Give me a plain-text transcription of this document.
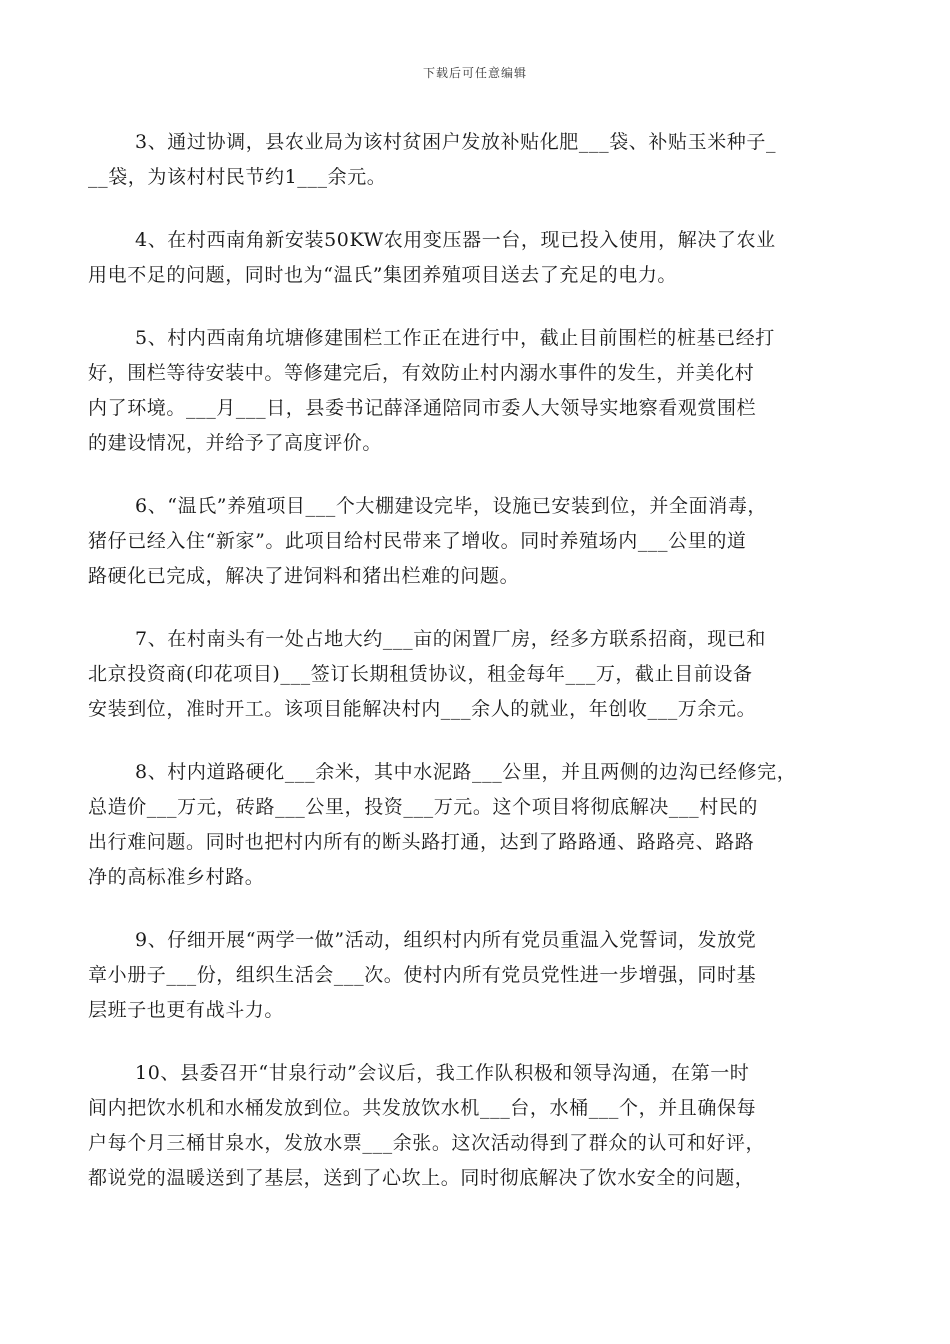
下载后可任意编辑
3、通过协调，县农业局为该村贫困户发放补贴化肥___袋、补贴玉米种子_
__袋，为该村村民节约1___余元。
4、在村西南角新安装50KW农用变压器一台，现已投入使用，解决了农业
用电不足的问题，同时也为“温氏”集团养殖项目送去了充足的电力。
5、村内西南角坑塘修建围栏工作正在进行中，截止目前围栏的桩基已经打
好，围栏等待安装中。等修建完后，有效防止村内溺水事件的发生，并美化村
内了环境。___月___日，县委书记薛泽通陪同市委人大领导实地察看观赏围栏
的建设情况，并给予了高度评价。
6、“温氏”养殖项目___个大棚建设完毕，设施已安装到位，并全面消毒，
猪仔已经入住“新家”。此项目给村民带来了增收。同时养殖场内___公里的道
路硬化已完成，解决了进饲料和猪出栏难的问题。
7、在村南头有一处占地大约___亩的闲置厂房，经多方联系招商，现已和
北京投资商(印花项目)___签订长期租赁协议，租金每年___万，截止目前设备
安装到位，准时开工。该项目能解决村内___余人的就业，年创收___万余元。
8、村内道路硬化___余米，其中水泥路___公里，并且两侧的边沟已经修完，
总造价___万元，砖路___公里，投资___万元。这个项目将彻底解决___村民的
出行难问题。同时也把村内所有的断头路打通，达到了路路通、路路亮、路路
净的高标准乡村路。
9、仔细开展“两学一做”活动，组织村内所有党员重温入党誓词，发放党
章小册子___份，组织生活会___次。使村内所有党员党性进一步增强，同时基
层班子也更有战斗力。
10、县委召开“甘泉行动”会议后，我工作队积极和领导沟通，在第一时
间内把饮水机和水桶发放到位。共发放饮水机___台，水桶___个，并且确保每
户每个月三桶甘泉水，发放水票___余张。这次活动得到了群众的认可和好评，
都说党的温暖送到了基层，送到了心坎上。同时彻底解决了饮水安全的问题，
